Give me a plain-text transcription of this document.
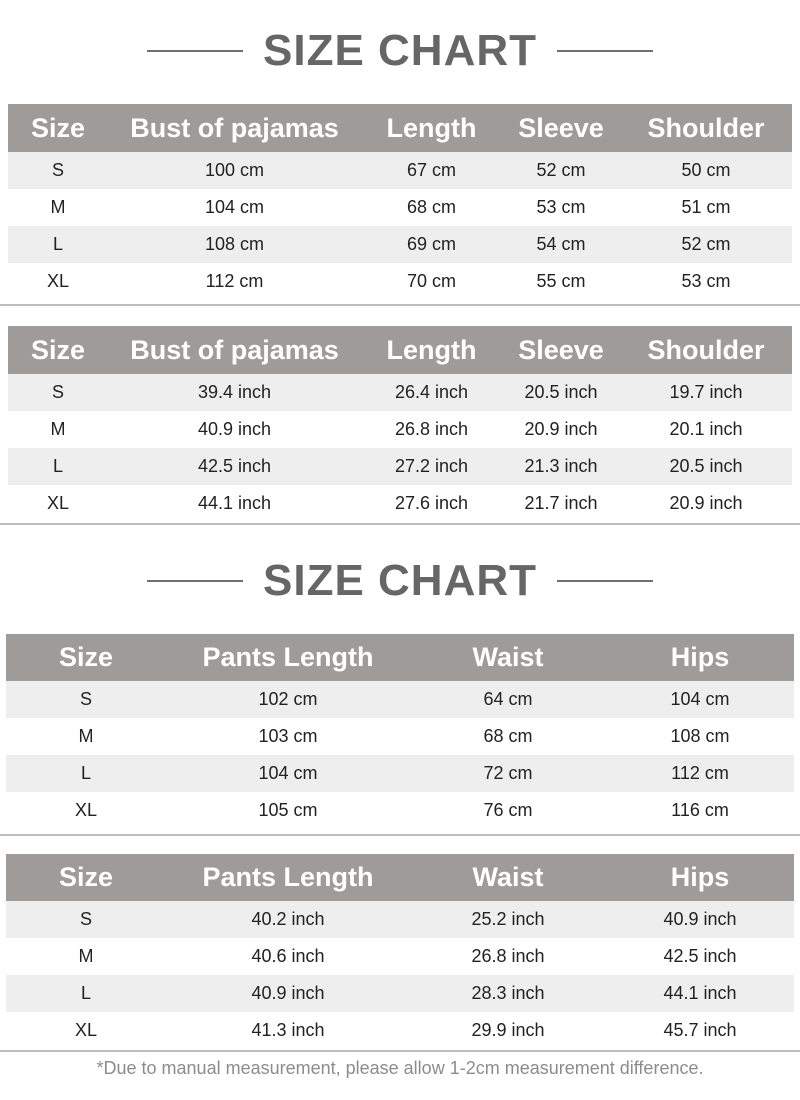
SIZE CHART
Size	Bust of pajamas	Length	Sleeve	Shoulder
S	100 cm	67 cm	52 cm	50 cm
M	104 cm	68 cm	53 cm	51 cm
L	108 cm	69 cm	54 cm	52 cm
XL	112 cm	70 cm	55 cm	53 cm
Size	Bust of pajamas	Length	Sleeve	Shoulder
S	39.4 inch	26.4 inch	20.5 inch	19.7 inch
M	40.9 inch	26.8 inch	20.9 inch	20.1 inch
L	42.5 inch	27.2 inch	21.3 inch	20.5 inch
XL	44.1 inch	27.6 inch	21.7 inch	20.9 inch
SIZE CHART
Size	Pants Length	Waist	Hips
S	102 cm	64 cm	104 cm
M	103 cm	68 cm	108 cm
L	104 cm	72 cm	112 cm
XL	105 cm	76 cm	116 cm
Size	Pants Length	Waist	Hips
S	40.2 inch	25.2 inch	40.9 inch
M	40.6 inch	26.8 inch	42.5 inch
L	40.9 inch	28.3 inch	44.1 inch
XL	41.3 inch	29.9 inch	45.7 inch
*Due to manual measurement, please allow 1-2cm measurement difference.
